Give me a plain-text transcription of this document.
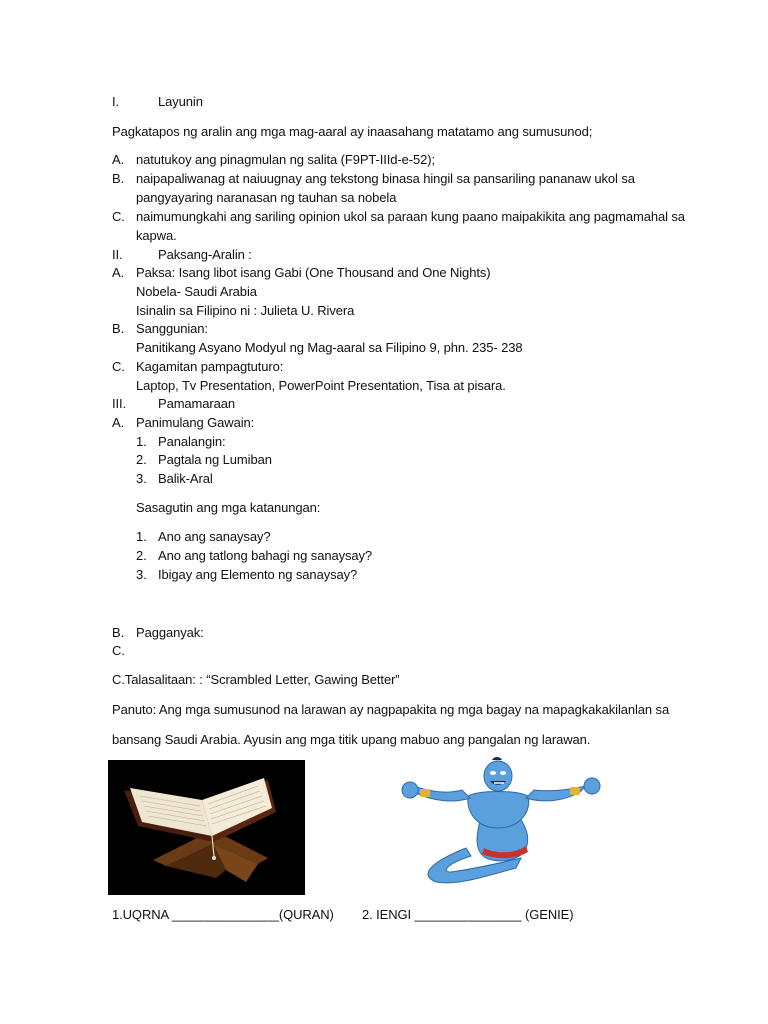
I.	Layunin
Pagkatapos ng aralin ang mga mag-aaral ay inaasahang matatamo ang sumusunod;
A. natutukoy ang pinagmulan ng salita (F9PT-IIId-e-52);
B. naipapaliwanag at naiuugnay ang tekstong binasa hingil sa pansariling pananaw ukol sa
pangyayaring naranasan ng tauhan sa nobela
C. naimumungkahi ang sariling opinion ukol sa paraan kung paano maipakikita ang pagmamahal sa
kapwa.
II.	Paksang-Aralin :
A. Paksa: Isang libot isang Gabi (One Thousand and One Nights)
Nobela- Saudi Arabia
Isinalin sa Filipino ni : Julieta U. Rivera
B. Sanggunian:
Panitikang Asyano Modyul ng Mag-aaral sa Filipino 9, phn. 235- 238
C. Kagamitan pampagtuturo:
Laptop, Tv Presentation, PowerPoint Presentation, Tisa at pisara.
III. Pamamaraan
A. Panimulang Gawain:
1. Panalangin:
2. Pagtala ng Lumiban
3. Balik-Aral
Sasagutin ang mga katanungan:
1. Ano ang sanaysay?
2. Ano ang tatlong bahagi ng sanaysay?
3. Ibigay ang Elemento ng sanaysay?
B. Pagganyak:
C.
C.Talasalitaan: : “Scrambled Letter, Gawing Better”
Panuto: Ang mga sumusunod na larawan ay nagpapakita ng mga bagay na mapagkakakilanlan sa
bansang Saudi Arabia. Ayusin ang mga titik upang mabuo ang pangalan ng larawan.
1.UQRNA _______________(QURAN) 2. IENGI _______________ (GENIE)
